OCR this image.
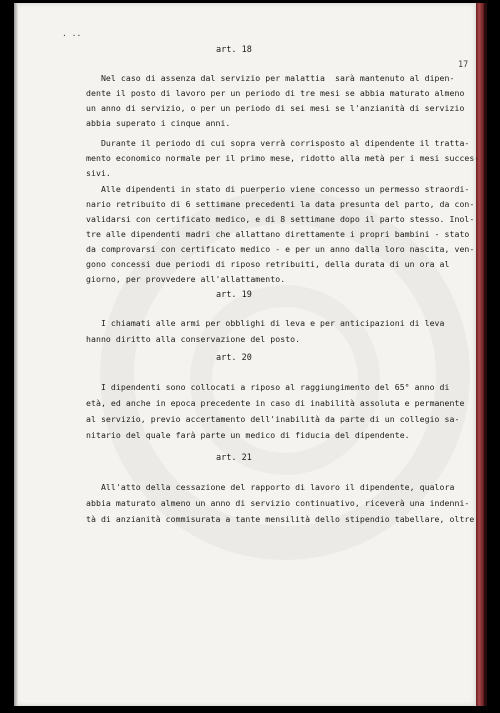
· ··
17
art. 18
Nel caso di assenza dal servizio per malattia  sarà mantenuto al dipen-
dente il posto di lavoro per un periodo di tre mesi se abbia maturato almeno
un anno di servizio, o per un periodo di sei mesi se l'anzianità di servizio
abbia superato i cinque anni.
Durante il periodo di cui sopra verrà corrisposto al dipendente il tratta-
mento economico normale per il primo mese, ridotto alla metà per i mesi succes-
sivi.
Alle dipendenti in stato di puerperio viene concesso un permesso straordi-
nario retribuito di 6 settimane precedenti la data presunta del parto, da con-
validarsi con certificato medico, e di 8 settimane dopo il parto stesso. Inol-
tre alle dipendenti madri che allattano direttamente i propri bambini - stato
da comprovarsi con certificato medico - e per un anno dalla loro nascita, ven-
gono concessi due periodi di riposo retribuiti, della durata di un ora al
giorno, per provvedere all'allattamento.
art. 19
I chiamati alle armi per obblighi di leva e per anticipazioni di leva
hanno diritto alla conservazione del posto.
art. 20
I dipendenti sono collocati a riposo al raggiungimento del 65° anno di
età, ed anche in epoca precedente in caso di inabilità assoluta e permanente
al servizio, previo accertamento dell'inabilità da parte di un collegio sa-
nitario del quale farà parte un medico di fiducia del dipendente.
art. 21
All'atto della cessazione del rapporto di lavoro il dipendente, qualora
abbia maturato almeno un anno di servizio continuativo, riceverà una indenni-
tà di anzianità commisurata a tante mensilità dello stipendio tabellare, oltre
